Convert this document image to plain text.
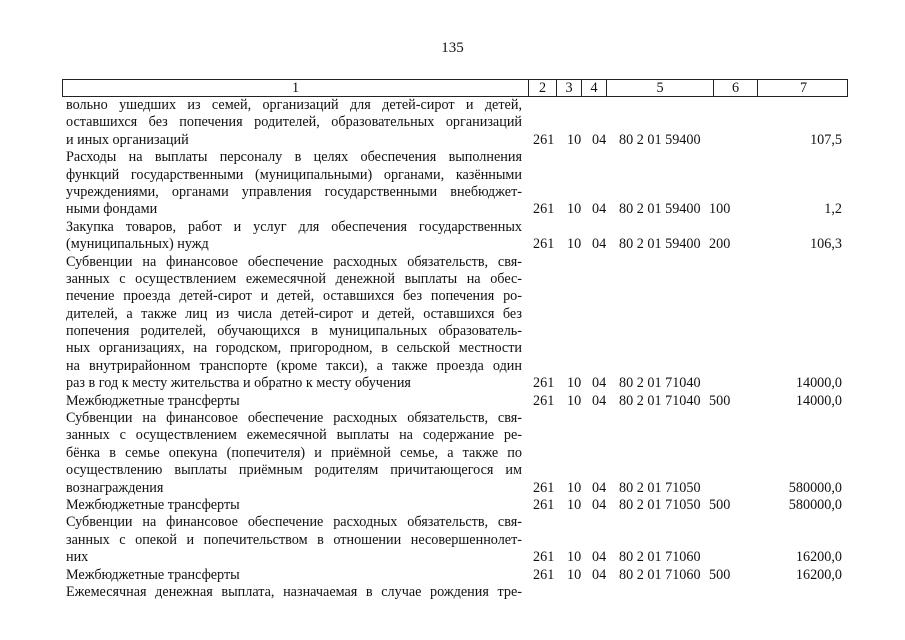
135
1	2	3	4	5	6	7
вольно ушедших из семей, организаций для детей-сирот и детей,
оставшихся без попечения родителей, образовательных организаций
и иных организаций	261 10 04 80 2 01 59400	107,5
Расходы на выплаты персоналу в целях обеспечения выполнения
функций государственными (муниципальными) органами, казёнными
учреждениями, органами управления государственными внебюджет-
ными фондами	261 10 04 80 2 01 59400 100	1,2
Закупка товаров, работ и услуг для обеспечения государственных
(муниципальных) нужд	261 10 04 80 2 01 59400 200	106,3
Субвенции на финансовое обеспечение расходных обязательств, свя-
занных с осуществлением ежемесячной денежной выплаты на обес-
печение проезда детей-сирот и детей, оставшихся без попечения ро-
дителей, а также лиц из числа детей-сирот и детей, оставшихся без
попечения родителей, обучающихся в муниципальных образователь-
ных организациях, на городском, пригородном, в сельской местности
на внутрирайонном транспорте (кроме такси), а также проезда один
раз в год к месту жительства и обратно к месту обучения	261 10 04 80 2 01 71040	14000,0
Межбюджетные трансферты	261 10 04 80 2 01 71040 500	14000,0
Субвенции на финансовое обеспечение расходных обязательств, свя-
занных с осуществлением ежемесячной выплаты на содержание ре-
бёнка в семье опекуна (попечителя) и приёмной семье, а также по
осуществлению выплаты приёмным родителям причитающегося им
вознаграждения	261 10 04 80 2 01 71050	580000,0
Межбюджетные трансферты	261 10 04 80 2 01 71050 500	580000,0
Субвенции на финансовое обеспечение расходных обязательств, свя-
занных с опекой и попечительством в отношении несовершеннолет-
них	261 10 04 80 2 01 71060	16200,0
Межбюджетные трансферты	261 10 04 80 2 01 71060 500	16200,0
Ежемесячная денежная выплата, назначаемая в случае рождения тре-
